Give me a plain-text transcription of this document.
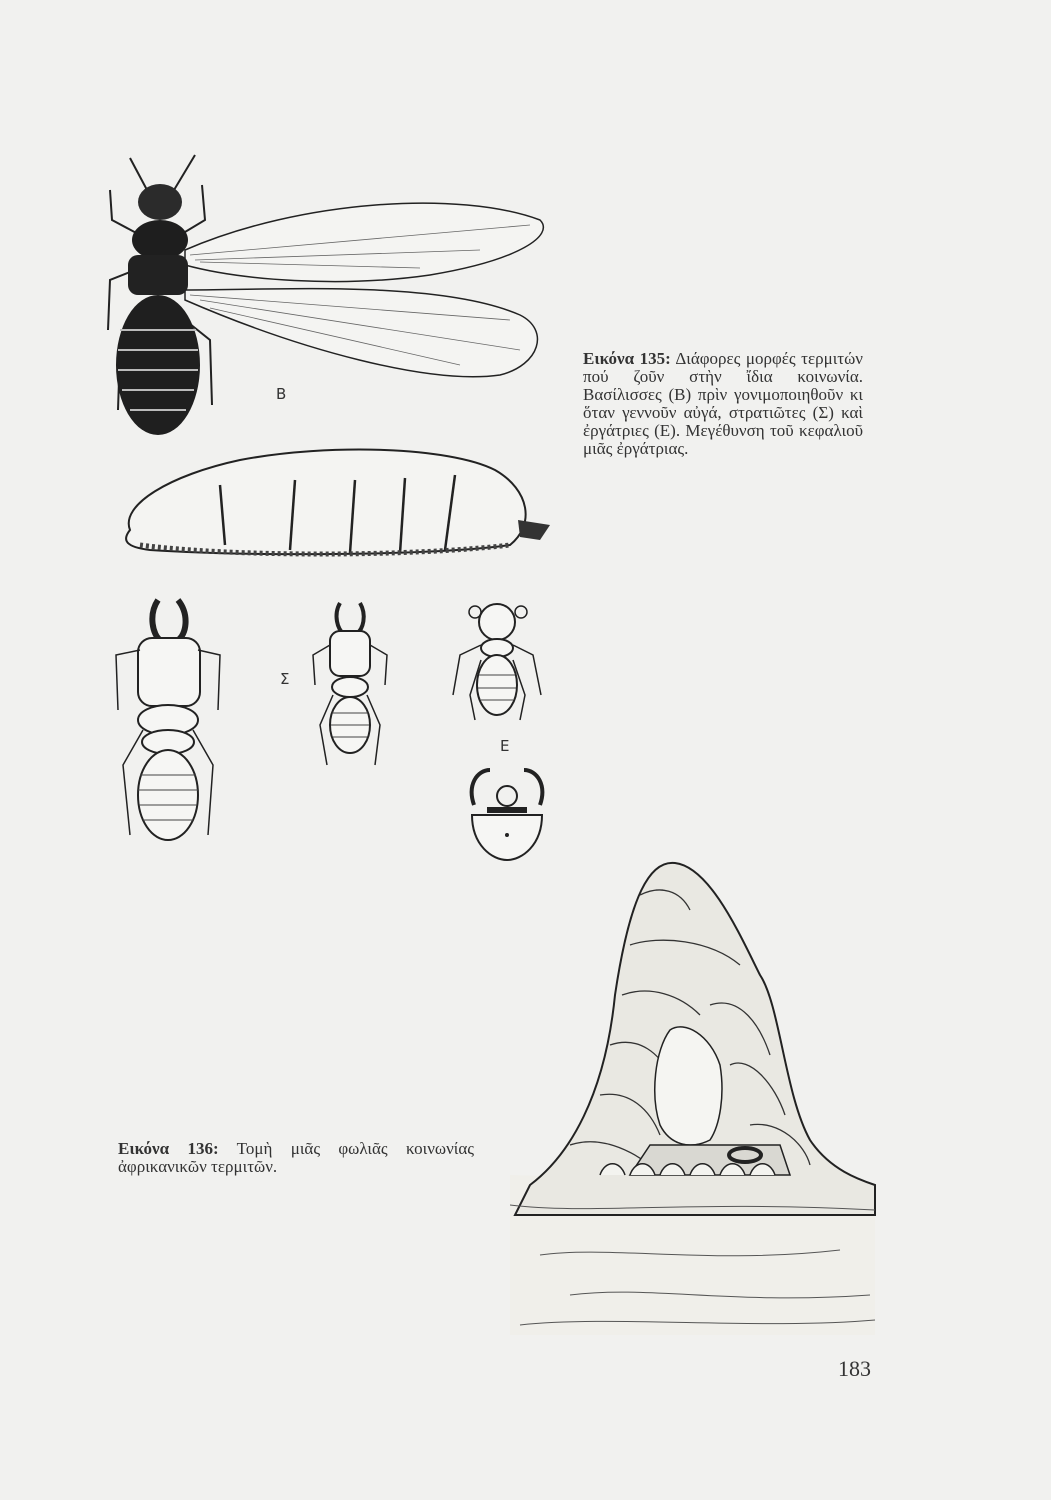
Β
Σ
Ε
Εικόνα 135: Διάφορες μορφές τερμιτών πού ζοῦν στὴν ἴδια κοινωνία. Βασίλισσες (Β) πρὶν γονιμοποιηθοῦν κι ὅταν γεννοῦν αὐγά, στρατιῶτες (Σ) καὶ ἐργάτριες (Ε). Μεγέθυνση τοῦ κεφαλιοῦ μιᾶς ἐργάτριας.
Εικόνα 136: Τομὴ μιᾶς φωλιᾶς κοινωνίας ἀφρικανικῶν τερμιτῶν.
183
